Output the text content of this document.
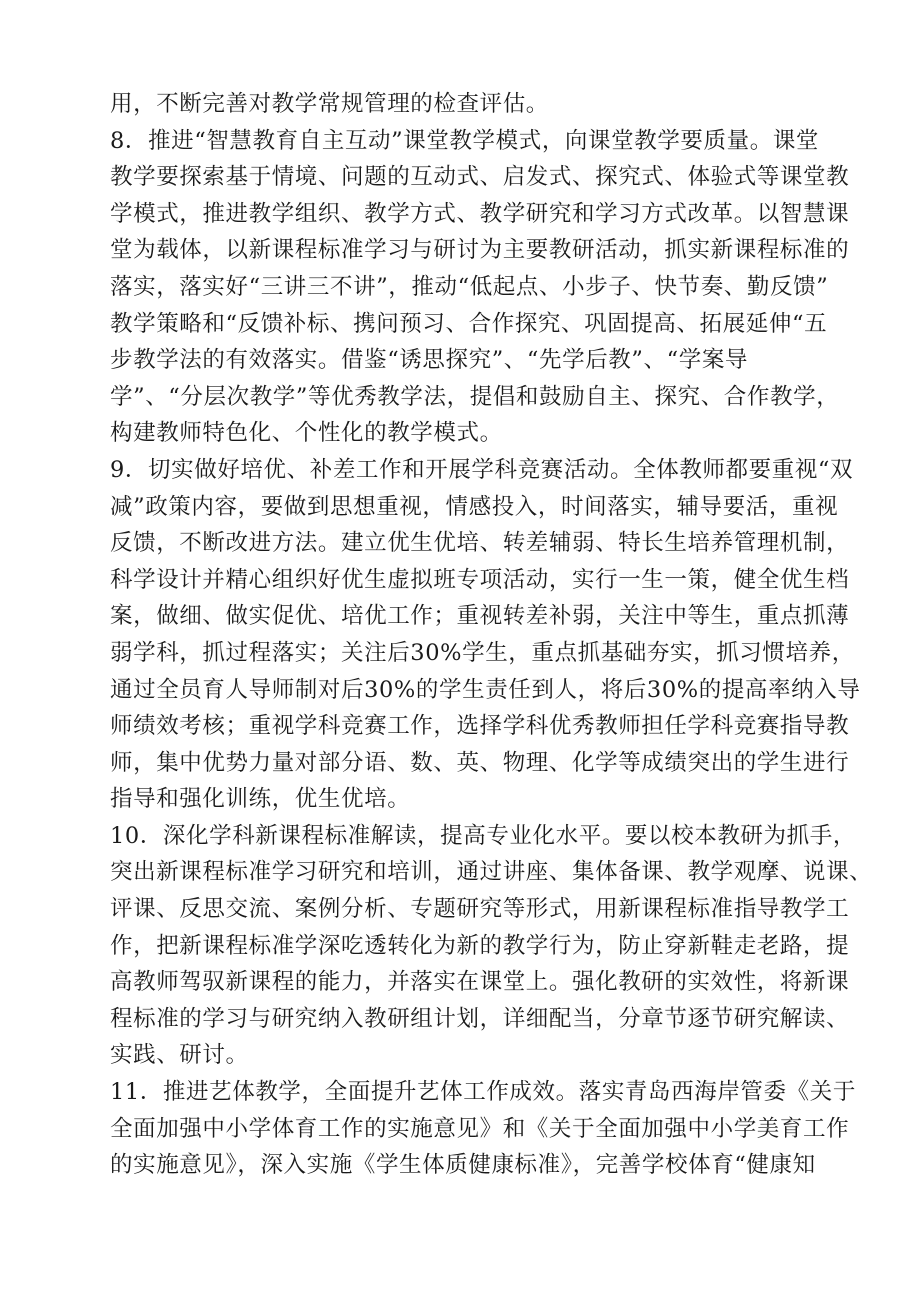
用，不断完善对教学常规管理的检查评估。
8．推进“智慧教育自主互动”课堂教学模式，向课堂教学要质量。课堂
教学要探索基于情境、问题的互动式、启发式、探究式、体验式等课堂教
学模式，推进教学组织、教学方式、教学研究和学习方式改革。以智慧课
堂为载体，以新课程标准学习与研讨为主要教研活动，抓实新课程标准的
落实，落实好“三讲三不讲”，推动“低起点、小步子、快节奏、勤反馈”
教学策略和“反馈补标、携问预习、合作探究、巩固提高、拓展延伸“五
步教学法的有效落实。借鉴“诱思探究”、“先学后教”、“学案导
学”、“分层次教学”等优秀教学法，提倡和鼓励自主、探究、合作教学，
构建教师特色化、个性化的教学模式。
9．切实做好培优、补差工作和开展学科竞赛活动。全体教师都要重视“双
减”政策内容，要做到思想重视，情感投入，时间落实，辅导要活，重视
反馈，不断改进方法。建立优生优培、转差辅弱、特长生培养管理机制，
科学设计并精心组织好优生虚拟班专项活动，实行一生一策，健全优生档
案，做细、做实促优、培优工作；重视转差补弱，关注中等生，重点抓薄
弱学科，抓过程落实；关注后30%学生，重点抓基础夯实，抓习惯培养，
通过全员育人导师制对后30%的学生责任到人，将后30%的提高率纳入导
师绩效考核；重视学科竞赛工作，选择学科优秀教师担任学科竞赛指导教
师，集中优势力量对部分语、数、英、物理、化学等成绩突出的学生进行
指导和强化训练，优生优培。
10．深化学科新课程标准解读，提高专业化水平。要以校本教研为抓手，
突出新课程标准学习研究和培训，通过讲座、集体备课、教学观摩、说课、
评课、反思交流、案例分析、专题研究等形式，用新课程标准指导教学工
作，把新课程标准学深吃透转化为新的教学行为，防止穿新鞋走老路，提
高教师驾驭新课程的能力，并落实在课堂上。强化教研的实效性，将新课
程标准的学习与研究纳入教研组计划，详细配当，分章节逐节研究解读、
实践、研讨。
11．推进艺体教学，全面提升艺体工作成效。落实青岛西海岸管委《关于
全面加强中小学体育工作的实施意见》和《关于全面加强中小学美育工作
的实施意见》，深入实施《学生体质健康标准》，完善学校体育“健康知
